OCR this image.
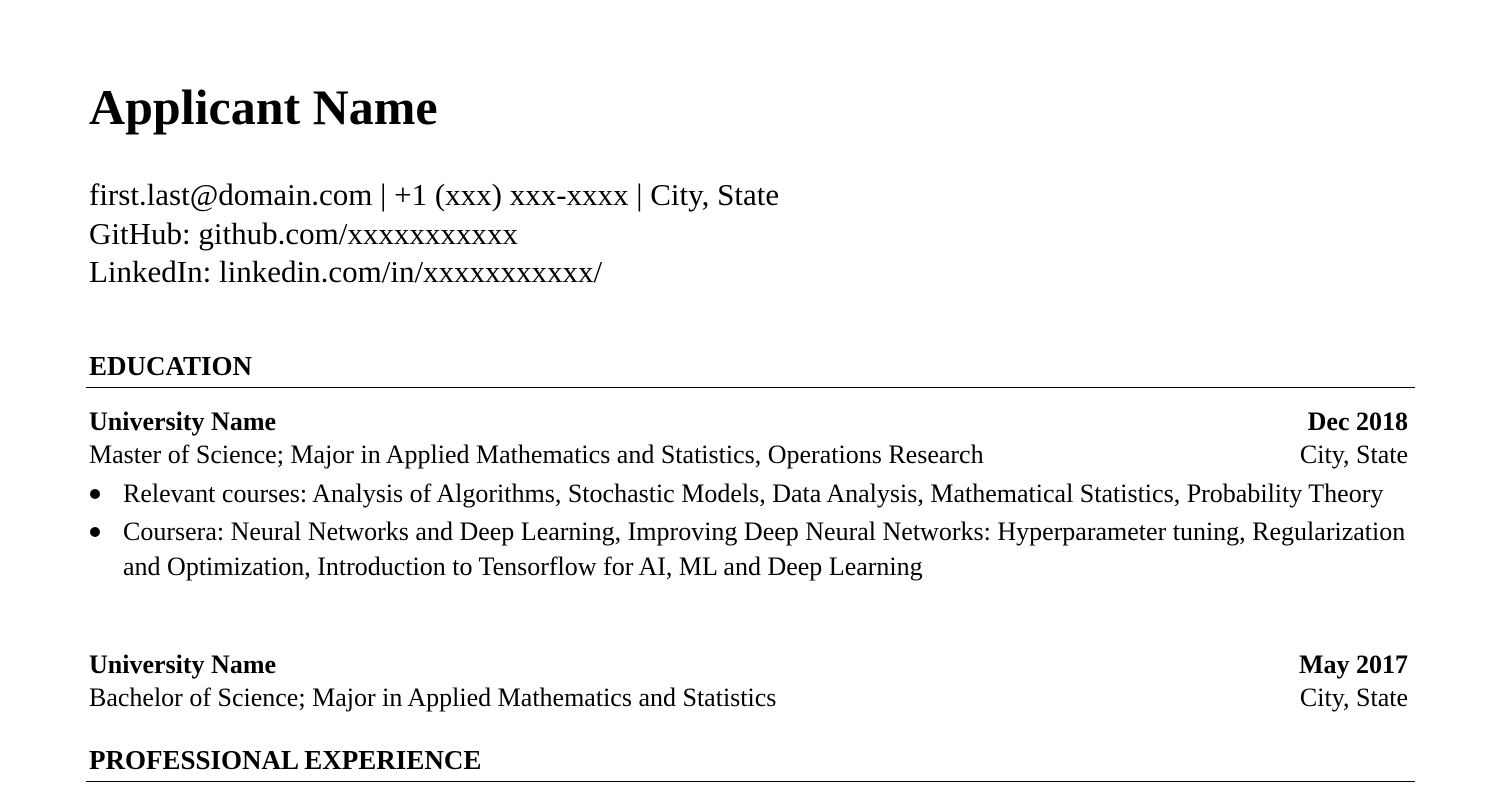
Applicant Name
first.last@domain.com | +1 (xxx) xxx-xxxx | City, State
GitHub: github.com/xxxxxxxxxxx
LinkedIn: linkedin.com/in/xxxxxxxxxxx/
EDUCATION
University Name	Dec 2018
Master of Science; Major in Applied Mathematics and Statistics, Operations Research	City, State
Relevant courses: Analysis of Algorithms, Stochastic Models, Data Analysis, Mathematical Statistics, Probability Theory
Coursera: Neural Networks and Deep Learning, Improving Deep Neural Networks: Hyperparameter tuning, Regularization and Optimization, Introduction to Tensorflow for AI, ML and Deep Learning
University Name	May 2017
Bachelor of Science; Major in Applied Mathematics and Statistics	City, State
PROFESSIONAL EXPERIENCE
